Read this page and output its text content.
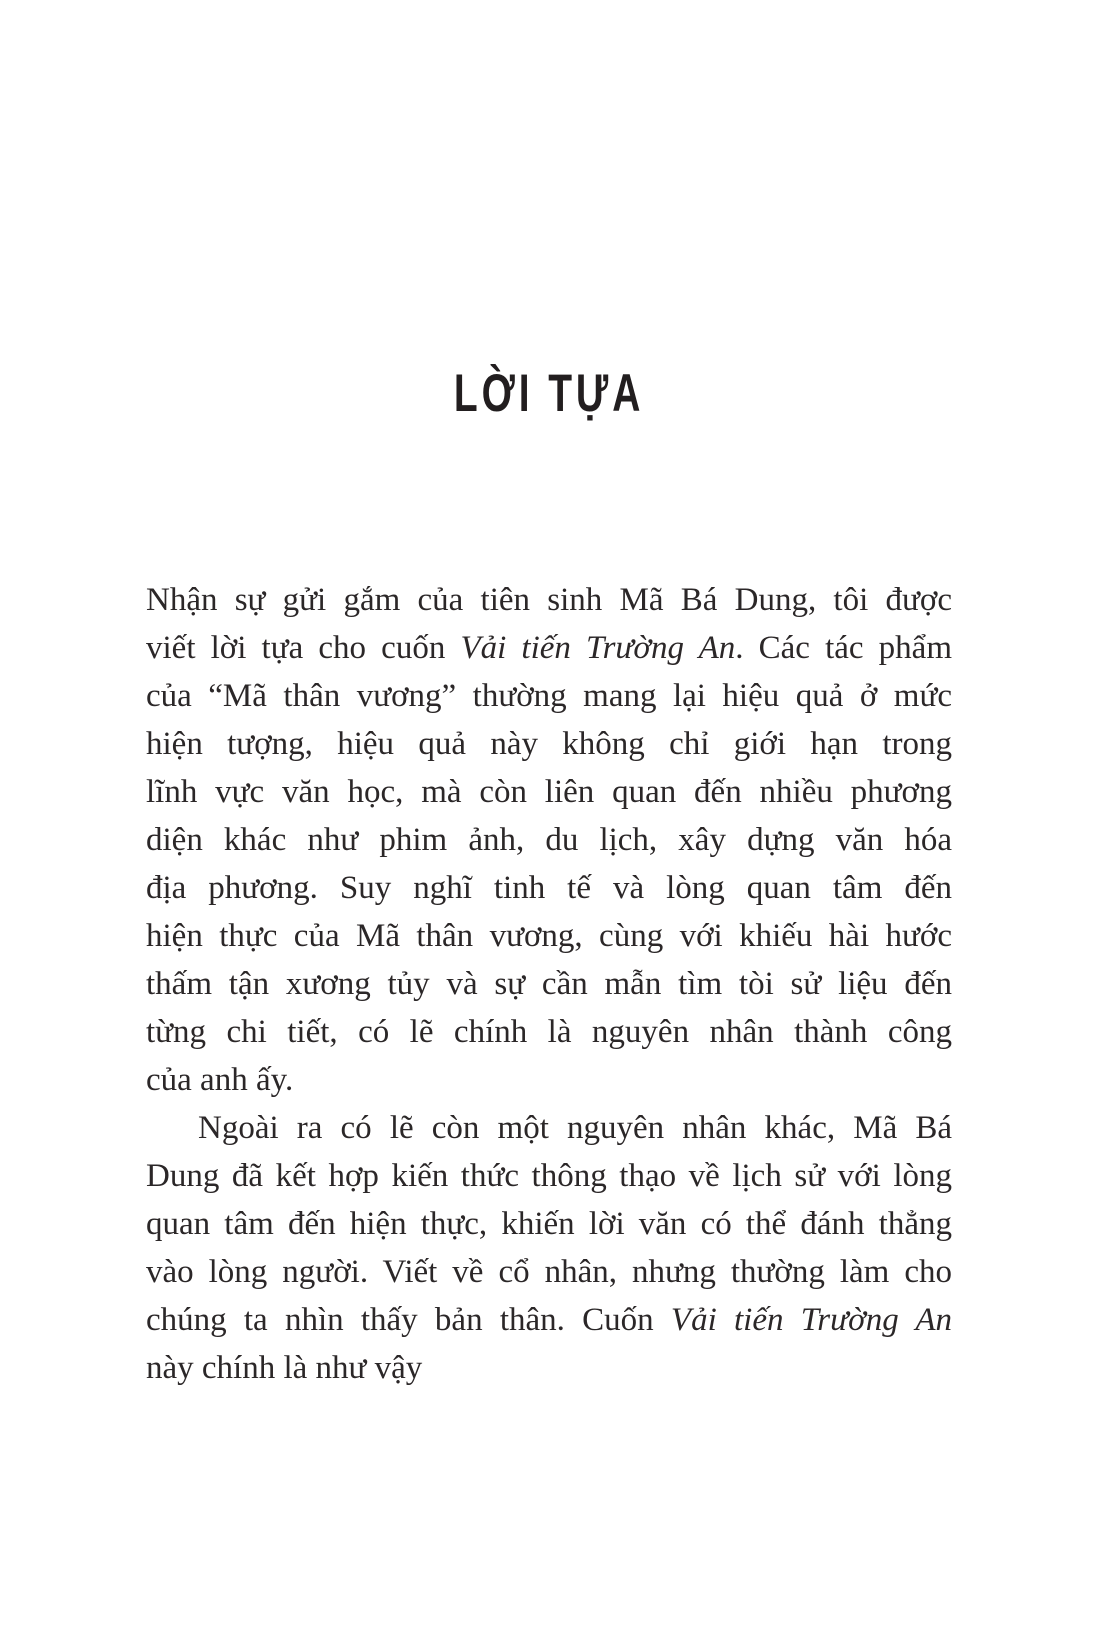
LỜI TỰA
Nhận sự gửi gắm của tiên sinh Mã Bá Dung, tôi được
viết lời tựa cho cuốn Vải tiến Trường An. Các tác phẩm
của “Mã thân vương” thường mang lại hiệu quả ở mức
hiện tượng, hiệu quả này không chỉ giới hạn trong
lĩnh vực văn học, mà còn liên quan đến nhiều phương
diện khác như phim ảnh, du lịch, xây dựng văn hóa
địa phương. Suy nghĩ tinh tế và lòng quan tâm đến
hiện thực của Mã thân vương, cùng với khiếu hài hước
thấm tận xương tủy và sự cần mẫn tìm tòi sử liệu đến
từng chi tiết, có lẽ chính là nguyên nhân thành công
của anh ấy.
Ngoài ra có lẽ còn một nguyên nhân khác, Mã Bá
Dung đã kết hợp kiến thức thông thạo về lịch sử với lòng
quan tâm đến hiện thực, khiến lời văn có thể đánh thẳng
vào lòng người. Viết về cổ nhân, nhưng thường làm cho
chúng ta nhìn thấy bản thân. Cuốn Vải tiến Trường An
này chính là như vậy
